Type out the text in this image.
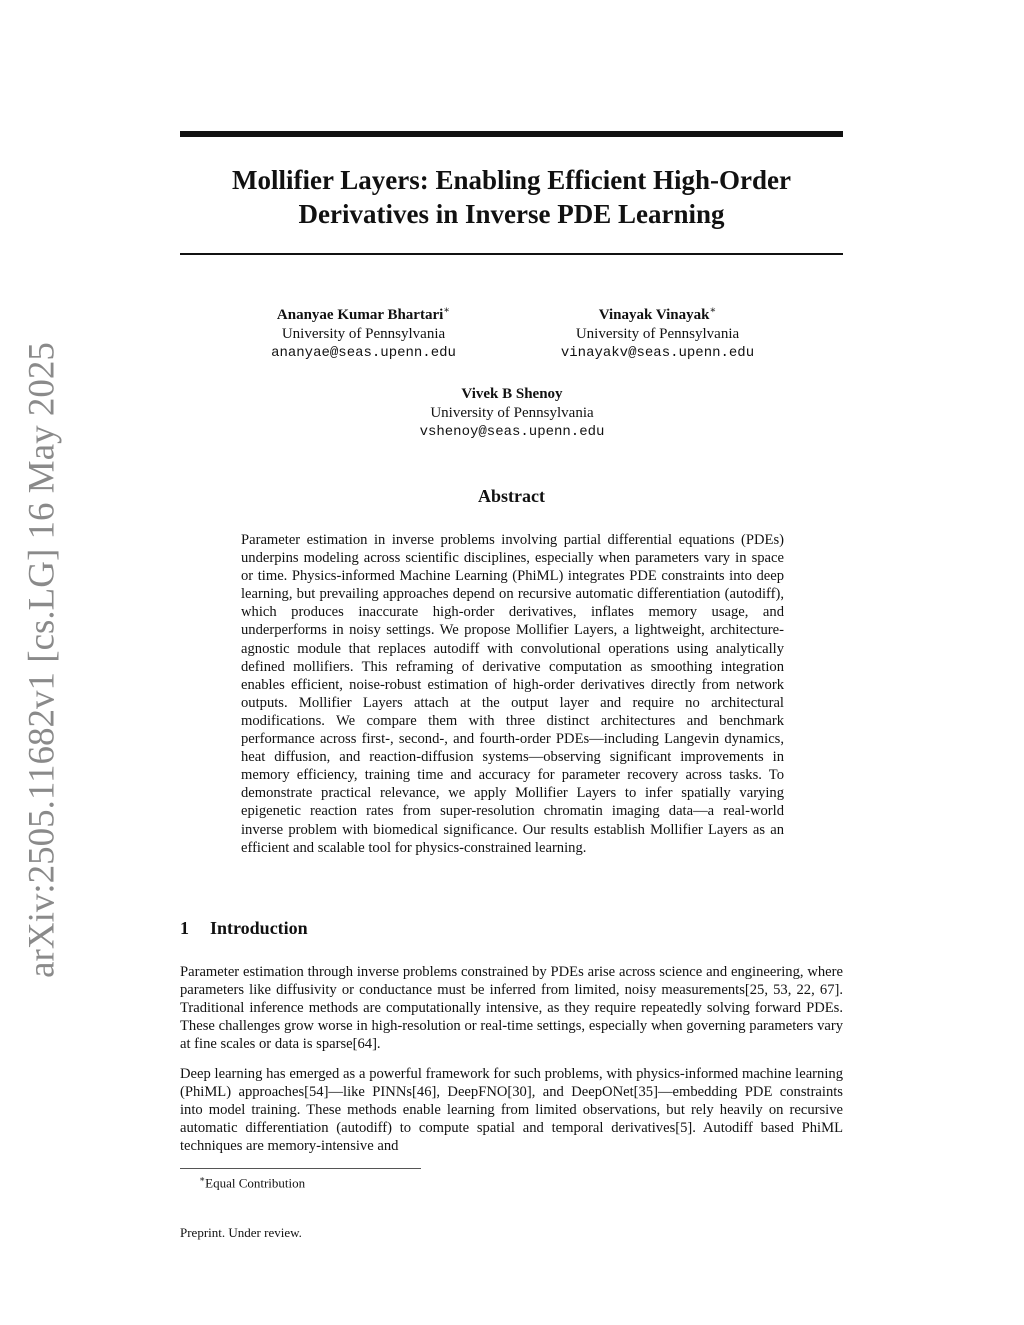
arXiv:2505.11682v1 [cs.LG] 16 May 2025
Mollifier Layers: Enabling Efficient High-Order
Derivatives in Inverse PDE Learning
Ananyae Kumar Bhartari∗
University of Pennsylvania
ananyae@seas.upenn.edu
Vinayak Vinayak∗
University of Pennsylvania
vinayakv@seas.upenn.edu
Vivek B Shenoy
University of Pennsylvania
vshenoy@seas.upenn.edu
Abstract

Parameter estimation in inverse problems involving partial differential equations (PDEs) underpins modeling across scientific disciplines, especially when parameters vary in space or time. Physics-informed Machine Learning (PhiML) integrates PDE constraints into deep learning, but prevailing approaches depend on recursive automatic differentiation (autodiff), which produces inaccurate high-order derivatives, inflates memory usage, and underperforms in noisy settings. We propose Mollifier Layers, a lightweight, architecture-agnostic module that replaces autodiff with convolutional operations using analytically defined mollifiers. This reframing of derivative computation as smoothing integration enables efficient, noise-robust estimation of high-order derivatives directly from network outputs. Mollifier Layers attach at the output layer and require no architectural modifications. We compare them with three distinct architectures and benchmark performance across first-, second-, and fourth-order PDEs—including Langevin dynamics, heat diffusion, and reaction-diffusion systems—observing significant improvements in memory efficiency, training time and accuracy for parameter recovery across tasks. To demonstrate practical relevance, we apply Mollifier Layers to infer spatially varying epigenetic reaction rates from super-resolution chromatin imaging data—a real-world inverse problem with biomedical significance. Our results establish Mollifier Layers as an efficient and scalable tool for physics-constrained learning.

1 Introduction

Parameter estimation through inverse problems constrained by PDEs arise across science and engineering, where parameters like diffusivity or conductance must be inferred from limited, noisy measurements[25, 53, 22, 67]. Traditional inference methods are computationally intensive, as they require repeatedly solving forward PDEs. These challenges grow worse in high-resolution or real-time settings, especially when governing parameters vary at fine scales or data is sparse[64].

Deep learning has emerged as a powerful framework for such problems, with physics-informed machine learning (PhiML) approaches[54]—like PINNs[46], DeepFNO[30], and DeepONet[35]—embedding PDE constraints into model training. These methods enable learning from limited observations, but rely heavily on recursive automatic differentiation (autodiff) to compute spatial and temporal derivatives[5]. Autodiff based PhiML techniques are memory-intensive and

∗Equal Contribution

Preprint. Under review.
